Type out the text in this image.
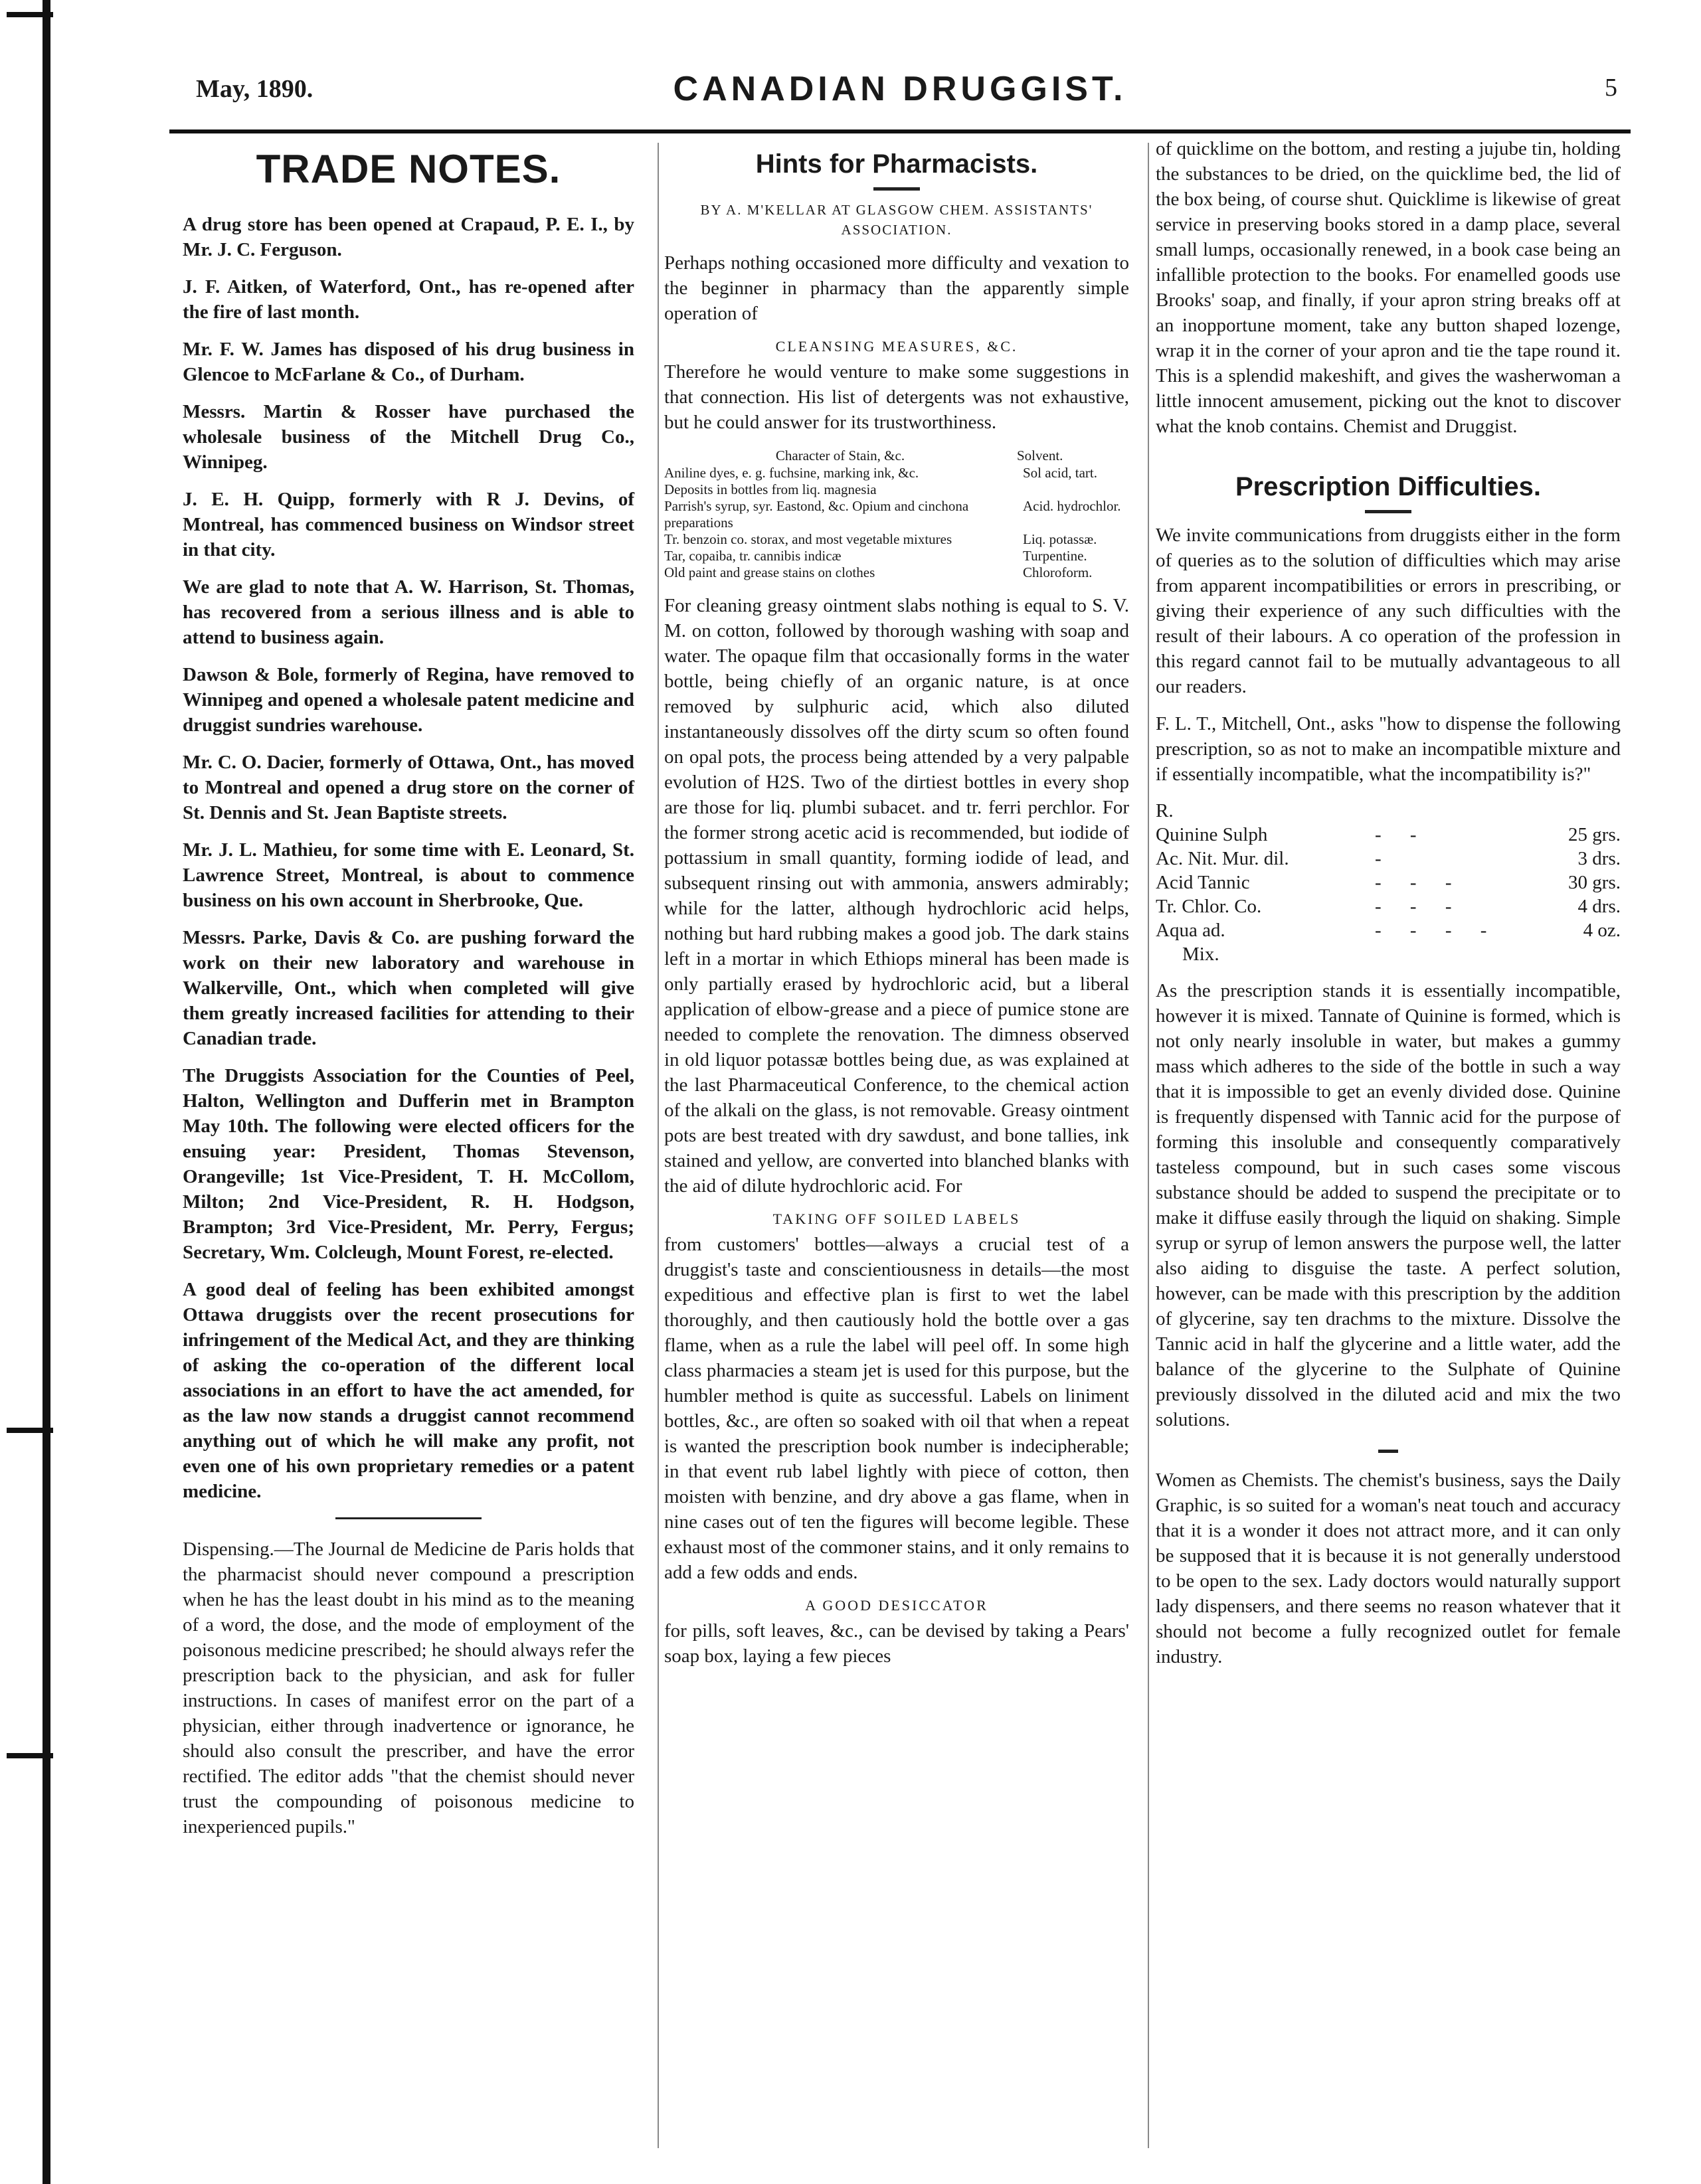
May, 1890.	CANADIAN DRUGGIST.	5
TRADE NOTES.

A drug store has been opened at Crapaud, P. E. I., by Mr. J. C. Ferguson.

J. F. Aitken, of Waterford, Ont., has re-opened after the fire of last month.

Mr. F. W. James has disposed of his drug business in Glencoe to McFarlane & Co., of Durham.

Messrs. Martin & Rosser have purchased the wholesale business of the Mitchell Drug Co., Winnipeg.

J. E. H. Quipp, formerly with R J. Devins, of Montreal, has commenced business on Windsor street in that city.

We are glad to note that A. W. Harrison, St. Thomas, has recovered from a serious illness and is able to attend to business again.

Dawson & Bole, formerly of Regina, have removed to Winnipeg and opened a wholesale patent medicine and druggist sundries warehouse.

Mr. C. O. Dacier, formerly of Ottawa, Ont., has moved to Montreal and opened a drug store on the corner of St. Dennis and St. Jean Baptiste streets.

Mr. J. L. Mathieu, for some time with E. Leonard, St. Lawrence Street, Montreal, is about to commence business on his own account in Sherbrooke, Que.

Messrs. Parke, Davis & Co. are pushing forward the work on their new laboratory and warehouse in Walkerville, Ont., which when completed will give them greatly increased facilities for attending to their Canadian trade.

The Druggists Association for the Counties of Peel, Halton, Wellington and Dufferin met in Brampton May 10th. The following were elected officers for the ensuing year: President, Thomas Stevenson, Orangeville; 1st Vice-President, T. H. McCollom, Milton; 2nd Vice-President, R. H. Hodgson, Brampton; 3rd Vice-President, Mr. Perry, Fergus; Secretary, Wm. Colcleugh, Mount Forest, re-elected.

A good deal of feeling has been exhibited amongst Ottawa druggists over the recent prosecutions for infringement of the Medical Act, and they are thinking of asking the co-operation of the different local associations in an effort to have the act amended, for as the law now stands a druggist cannot recommend anything out of which he will make any profit, not even one of his own proprietary remedies or a patent medicine.

Dispensing.—The Journal de Medicine de Paris holds that the pharmacist should never compound a prescription when he has the least doubt in his mind as to the meaning of a word, the dose, and the mode of employment of the poisonous medicine prescribed; he should always refer the prescription back to the physician, and ask for fuller instructions. In cases of manifest error on the part of a physician, either through inadvertence or ignorance, he should also consult the prescriber, and have the error rectified. The editor adds "that the chemist should never trust the compounding of poisonous medicine to inexperienced pupils."

Hints for Pharmacists.
BY A. M'KELLAR AT GLASGOW CHEM. ASSISTANTS' ASSOCIATION.

Perhaps nothing occasioned more difficulty and vexation to the beginner in pharmacy than the apparently simple operation of

CLEANSING MEASURES, &C.

Therefore he would venture to make some suggestions in that connection. His list of detergents was not exhaustive, but he could answer for its trustworthiness.

Character of Stain, &c.	Solvent.
Aniline dyes, e. g. fuchsine, marking ink, &c.	Sol acid, tart.
Deposits in bottles from liq. magnesia	
Parrish's syrup, syr. Eastond, &c. Opium and cinchona preparations	Acid. hydrochlor.
Tr. benzoin co. storax, and most vegetable mixtures	Liq. potassæ.
Tar, copaiba, tr. cannibis indicæ	Turpentine.
Old paint and grease stains on clothes	Chloroform.

For cleaning greasy ointment slabs nothing is equal to S. V. M. on cotton, followed by thorough washing with soap and water. The opaque film that occasionally forms in the water bottle, being chiefly of an organic nature, is at once removed by sulphuric acid, which also diluted instantaneously dissolves off the dirty scum so often found on opal pots, the process being attended by a very palpable evolution of H2S. Two of the dirtiest bottles in every shop are those for liq. plumbi subacet. and tr. ferri perchlor. For the former strong acetic acid is recommended, but iodide of pottassium in small quantity, forming iodide of lead, and subsequent rinsing out with ammonia, answers admirably; while for the latter, although hydrochloric acid helps, nothing but hard rubbing makes a good job. The dark stains left in a mortar in which Ethiops mineral has been made is only partially erased by hydrochloric acid, but a liberal application of elbow-grease and a piece of pumice stone are needed to complete the renovation. The dimness observed in old liquor potassæ bottles being due, as was explained at the last Pharmaceutical Conference, to the chemical action of the alkali on the glass, is not removable. Greasy ointment pots are best treated with dry sawdust, and bone tallies, ink stained and yellow, are converted into blanched blanks with the aid of dilute hydrochloric acid. For

TAKING OFF SOILED LABELS

from customers' bottles—always a crucial test of a druggist's taste and conscientiousness in details—the most expeditious and effective plan is first to wet the label thoroughly, and then cautiously hold the bottle over a gas flame, when as a rule the label will peel off. In some high class pharmacies a steam jet is used for this purpose, but the humbler method is quite as successful. Labels on liniment bottles, &c., are often so soaked with oil that when a repeat is wanted the prescription book number is indecipherable; in that event rub label lightly with piece of cotton, then moisten with benzine, and dry above a gas flame, when in nine cases out of ten the figures will become legible. These exhaust most of the commoner stains, and it only remains to add a few odds and ends.

A GOOD DESICCATOR

for pills, soft leaves, &c., can be devised by taking a Pears' soap box, laying a few pieces

of quicklime on the bottom, and resting a jujube tin, holding the substances to be dried, on the quicklime bed, the lid of the box being, of course shut. Quicklime is likewise of great service in preserving books stored in a damp place, several small lumps, occasionally renewed, in a book case being an infallible protection to the books. For enamelled goods use Brooks' soap, and finally, if your apron string breaks off at an inopportune moment, take any button shaped lozenge, wrap it in the corner of your apron and tie the tape round it. This is a splendid makeshift, and gives the washerwoman a little innocent amusement, picking out the knot to discover what the knob contains. Chemist and Druggist.

Prescription Difficulties.

We invite communications from druggists either in the form of queries as to the solution of difficulties which may arise from apparent incompatibilities or errors in prescribing, or giving their experience of any such difficulties with the result of their labours. A co operation of the profession in this regard cannot fail to be mutually advantageous to all our readers.

F. L. T., Mitchell, Ont., asks "how to dispense the following prescription, so as not to make an incompatible mixture and if essentially incompatible, what the incompatibility is?"

R.
Quinine Sulph	- -	25 grs.
Ac. Nit. Mur. dil.	-	3 drs.
Acid Tannic	- - -	30 grs.
Tr. Chlor. Co.	- - -	4 drs.
Aqua ad.	- - - -	4 oz.
Mix.

As the prescription stands it is essentially incompatible, however it is mixed. Tannate of Quinine is formed, which is not only nearly insoluble in water, but makes a gummy mass which adheres to the side of the bottle in such a way that it is impossible to get an evenly divided dose. Quinine is frequently dispensed with Tannic acid for the purpose of forming this insoluble and consequently comparatively tasteless compound, but in such cases some viscous substance should be added to suspend the precipitate or to make it diffuse easily through the liquid on shaking. Simple syrup or syrup of lemon answers the purpose well, the latter also aiding to disguise the taste. A perfect solution, however, can be made with this prescription by the addition of glycerine, say ten drachms to the mixture. Dissolve the Tannic acid in half the glycerine and a little water, add the balance of the glycerine to the Sulphate of Quinine previously dissolved in the diluted acid and mix the two solutions.

Women as Chemists. The chemist's business, says the Daily Graphic, is so suited for a woman's neat touch and accuracy that it is a wonder it does not attract more, and it can only be supposed that it is because it is not generally understood to be open to the sex. Lady doctors would naturally support lady dispensers, and there seems no reason whatever that it should not become a fully recognized outlet for female industry.
